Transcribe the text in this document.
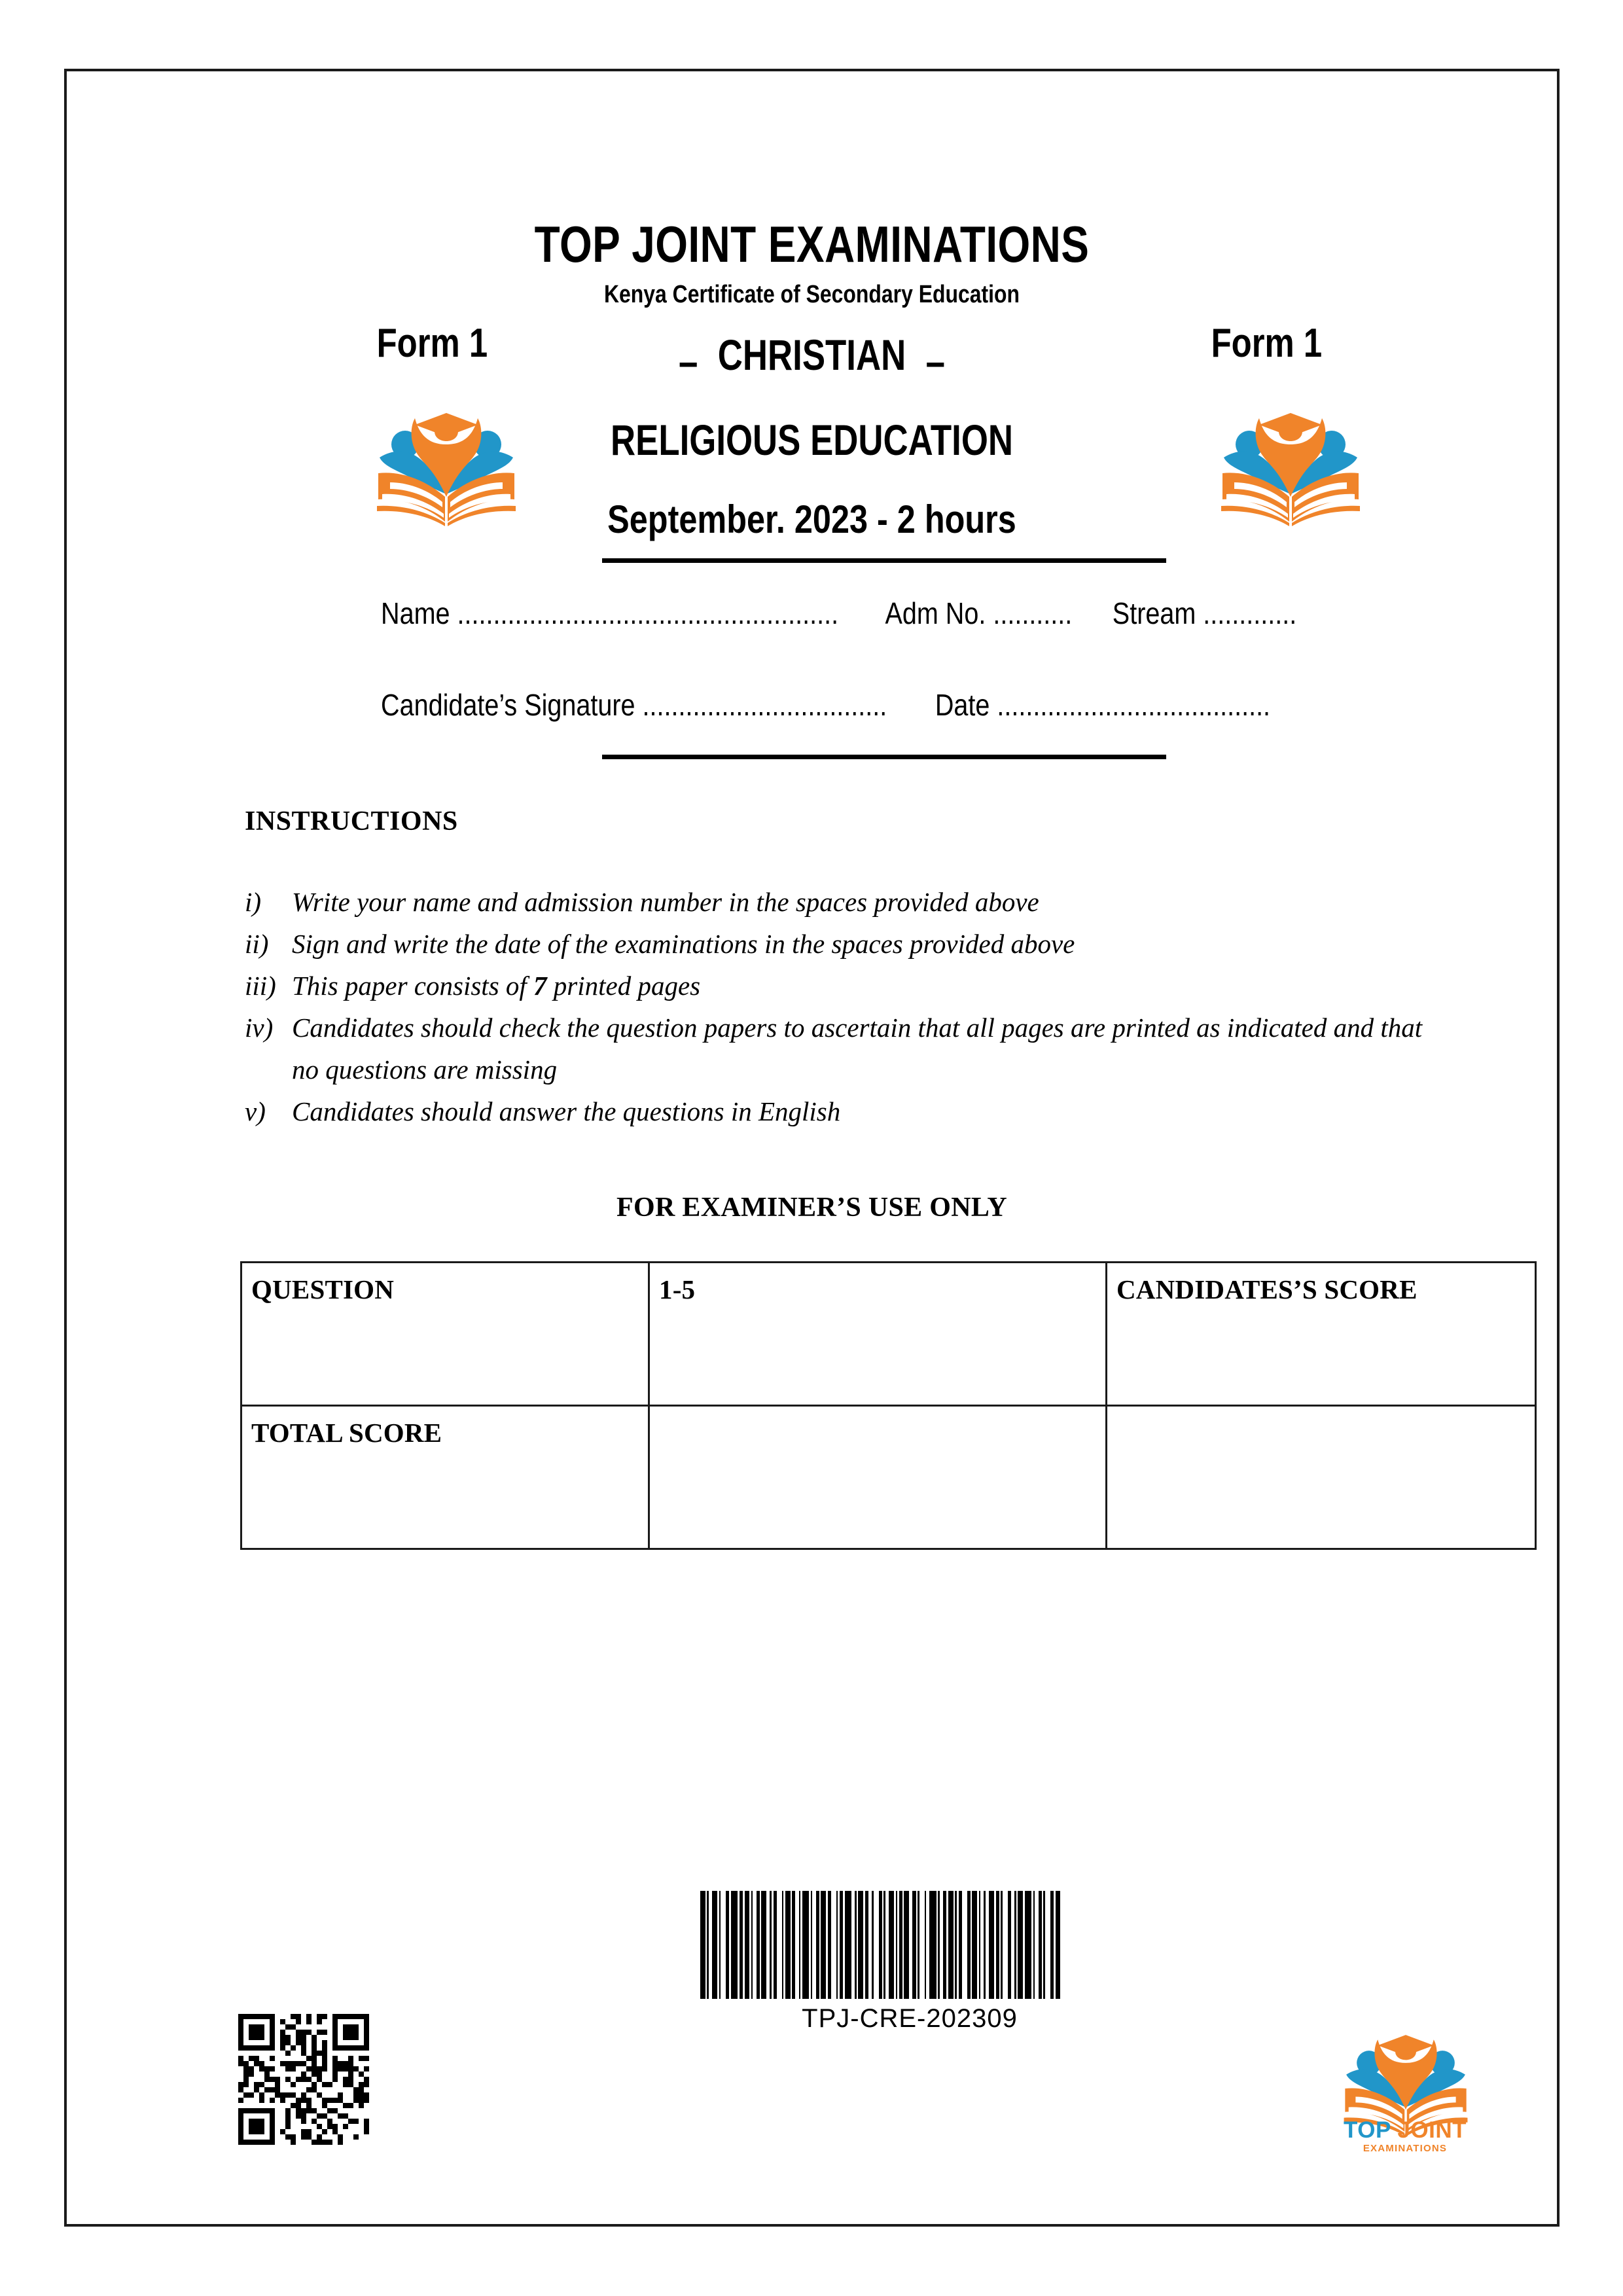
TOP JOINT EXAMINATIONS
Kenya Certificate of Secondary Education
Form 1	Form 1
– CHRISTIAN –
RELIGIOUS EDUCATION
September. 2023 - 2 hours
Name ..................................................... Adm No. ........... Stream .............
Candidate’s Signature .................................. Date ......................................
INSTRUCTIONS
i)	Write your name and admission number in the spaces provided above
ii) Sign and write the date of the examinations in the spaces provided above
iii) This paper consists of 7 printed pages
iv) Candidates should check the question papers to ascertain that all pages are printed as indicated and that no questions are missing
v) Candidates should answer the questions in English
FOR EXAMINER’S USE ONLY
QUESTION	1-5	CANDIDATES’S SCORE
TOTAL SCORE		
TPJ-CRE-202309
TOP JOINT
EXAMINATIONS
